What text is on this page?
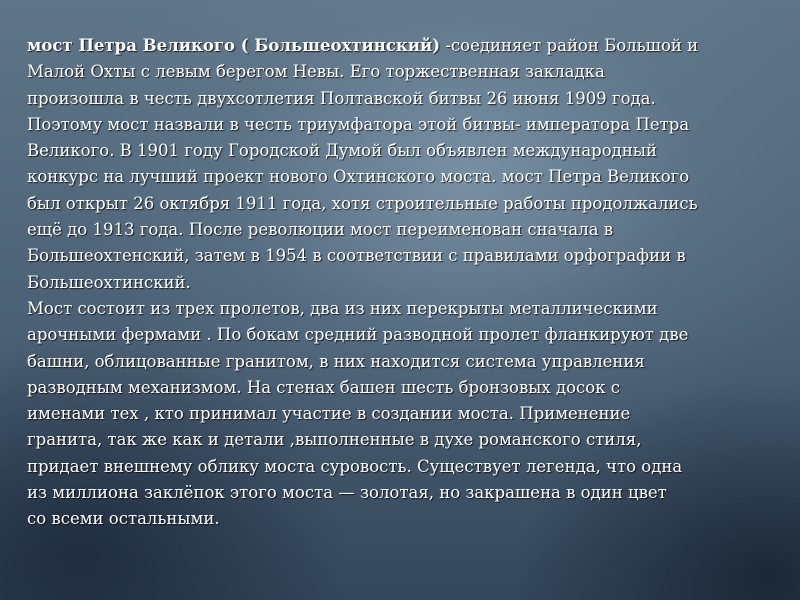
мост Петра Великого ( Большеохтинский) -соединяет район Большой и
Малой Охты с левым берегом Невы. Его торжественная закладка
произошла в честь двухсотлетия Полтавской битвы 26 июня 1909 года.
Поэтому мост назвали в честь триумфатора этой битвы- императора Петра
Великого. В 1901 году Городской Думой был объявлен международный
конкурс на лучший проект нового Охтинского моста. мост Петра Великого
был открыт 26 октября 1911 года, хотя строительные работы продолжались
ещё до 1913 года. После революции мост переименован сначала в
Большеохтенский, затем в 1954 в соответствии с правилами орфографии в
Большеохтинский.
Мост состоит из трех пролетов, два из них перекрыты металлическими
арочными фермами . По бокам средний разводной пролет фланкируют две
башни, облицованные гранитом, в них находится система управления
разводным механизмом. На стенах башен шесть бронзовых досок с
именами тех , кто принимал участие в создании моста. Применение
гранита, так же как и детали ,выполненные в духе романского стиля,
придает внешнему облику моста суровость. Существует легенда, что одна
из миллиона заклёпок этого моста — золотая, но закрашена в один цвет
со всеми остальными.
